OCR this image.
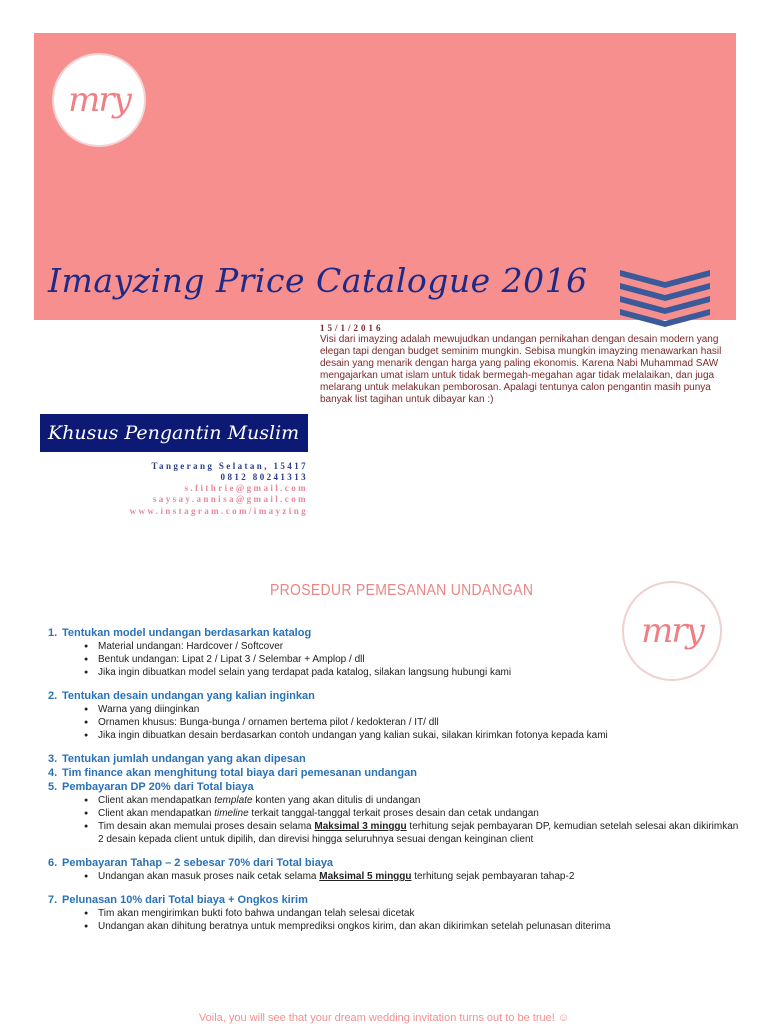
mry
Imayzing Price Catalogue 2016
15/1/2016
Visi dari imayzing adalah mewujudkan undangan pernikahan dengan desain modern yang elegan tapi dengan budget seminim mungkin. Sebisa mungkin imayzing menawarkan hasil desain yang menarik dengan harga yang paling ekonomis. Karena Nabi Muhammad SAW mengajarkan umat islam untuk tidak bermegah-megahan agar tidak melalaikan, dan juga melarang untuk melakukan pemborosan. Apalagi tentunya calon pengantin masih punya banyak list tagihan untuk dibayar kan :)
Khusus Pengantin Muslim
Tangerang Selatan, 15417
0812 80241313
s.fithrie@gmail.com
saysay.annisa@gmail.com
www.instagram.com/imayzing
PROSEDUR PEMESANAN UNDANGAN
mry
1. Tentukan model undangan berdasarkan katalog
● Material undangan: Hardcover / Softcover
● Bentuk undangan: Lipat 2 / Lipat 3 / Selembar + Amplop / dll
● Jika ingin dibuatkan model selain yang terdapat pada katalog, silakan langsung hubungi kami
2. Tentukan desain undangan yang kalian inginkan
● Warna yang diinginkan
● Ornamen khusus: Bunga-bunga / ornamen bertema pilot / kedokteran / IT/ dll
● Jika ingin dibuatkan desain berdasarkan contoh undangan yang kalian sukai, silakan kirimkan fotonya kepada kami
3. Tentukan jumlah undangan yang akan dipesan
4. Tim finance akan menghitung total biaya dari pemesanan undangan
5. Pembayaran DP 20% dari Total biaya
● Client akan mendapatkan template konten yang akan ditulis di undangan
● Client akan mendapatkan timeline terkait tanggal-tanggal terkait proses desain dan cetak undangan
● Tim desain akan memulai proses desain selama Maksimal 3 minggu terhitung sejak pembayaran DP, kemudian setelah selesai akan dikirimkan 2 desain kepada client untuk dipilih, dan direvisi hingga seluruhnya sesuai dengan keinginan client
6. Pembayaran Tahap – 2 sebesar 70% dari Total biaya
● Undangan akan masuk proses naik cetak selama Maksimal 5 minggu terhitung sejak pembayaran tahap-2
7. Pelunasan 10% dari Total biaya + Ongkos kirim
● Tim akan mengirimkan bukti foto bahwa undangan telah selesai dicetak
● Undangan akan dihitung beratnya untuk memprediksi ongkos kirim, dan akan dikirimkan setelah pelunasan diterima
Voila, you will see that your dream wedding invitation turns out to be true! ☺
